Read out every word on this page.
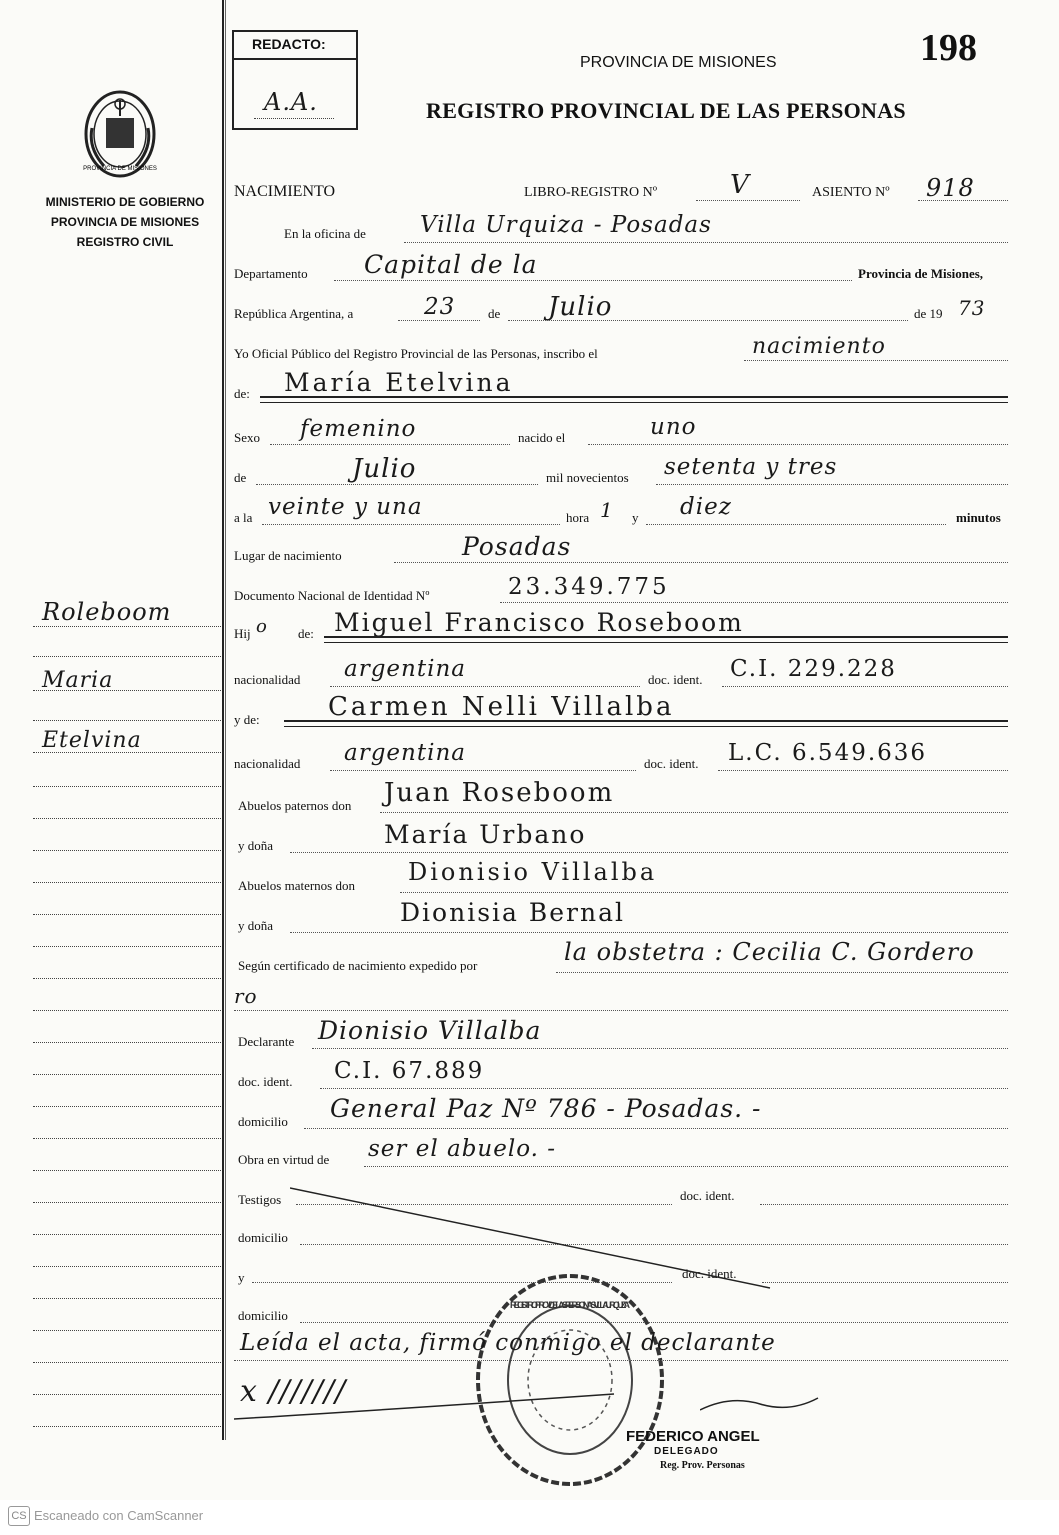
REDACTO:
A.A.
198
PROVINCIA DE MISIONES
REGISTRO PROVINCIAL DE LAS PERSONAS
PROVINCIA DE MISIONES
MINISTERIO DE GOBIERNO
PROVINCIA DE MISIONES
REGISTRO CIVIL
Roleboom
Maria
Etelvina
NACIMIENTO	LIBRO-REGISTRO Nº	V	ASIENTO Nº 918
En la oficina de Villa Urquiza - Posadas
Departamento Capital de la	Provincia de Misiones,
República Argentina, a	23	de Julio	de 19 73
Yo Oficial Público del Registro Provincial de las Personas, inscribo el	nacimiento
de: María Etelvina
Sexo femenino	nacido el	uno
de	Julio	mil novecientos setenta y tres
a la veinte y una	hora 1 y diez	minutos
Lugar de nacimiento	Posadas
Documento Nacional de Identidad Nº	23.349.775
Hij o de: Miguel Francisco Roseboom
nacionalidad argentina	doc. ident. C.I. 229.228
y de:	Carmen Nelli Villalba
nacionalidad argentina	doc. ident. L.C. 6.549.636
Abuelos paternos don Juan Roseboom
y doña	María Urbano
Abuelos maternos don Dionisio Villalba
y doña	Dionisia Bernal
Según certificado de nacimiento expedido por	la obstetra : Cecilia C. Gordero
ro
Declarante Dionisio Villalba
doc. ident. C.I. 67.889
domicilio General Paz Nº 786 - Posadas. -
Obra en virtud de ser el abuelo. -
Testigos	doc. ident.
domicilio
y	doc. ident.
domicilio
REGISTRO PROV. DE LAS PERSONAS - VILLA URQUIZA
Leída el acta, firmó conmigo el declarante
x ///////
FEDERICO ANGEL
DELEGADO
Reg. Prov. Personas
CS Escaneado con CamScanner
